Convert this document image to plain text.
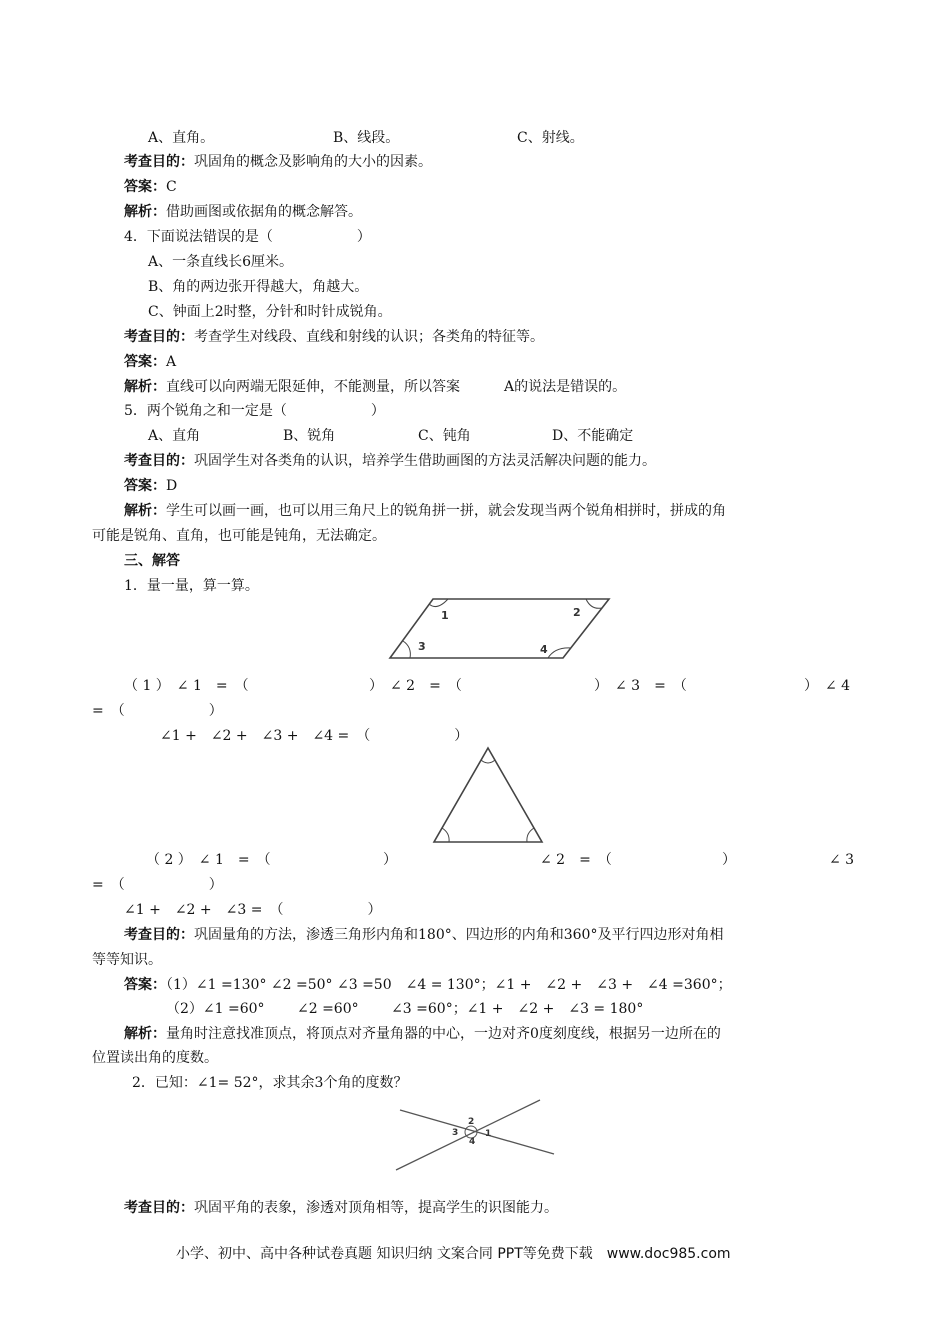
A、直角。	B、线段。	C、射线。
考查目的：巩固角的概念及影响角的大小的因素。
答案：C
解析：借助画图或依据角的概念解答。
4．下面说法错误的是（　　　　　　）
A、一条直线长6厘米。
B、角的两边张开得越大，角越大。
C、钟面上2时整，分针和时针成锐角。
考查目的：考查学生对线段、直线和射线的认识；各类角的特征等。
答案：A
解析：直线可以向两端无限延伸，不能测量，所以答案	A的说法是错误的。
5．两个锐角之和一定是（　　　　　　）
A、直角	B、锐角	C、钝角	D、不能确定
考查目的：巩固学生对各类角的认识，培养学生借助画图的方法灵活解决问题的能力。
答案：D
解析：学生可以画一画，也可以用三角尺上的锐角拼一拼，就会发现当两个锐角相拼时，拼成的角
可能是锐角、直角，也可能是钝角，无法确定。
三、解答
1．量一量，算一算。
1	2
3	4
（ 1 ）　∠ 1　=　（	）　∠ 2　=　（	）　∠ 3　=　（	）　∠ 4
=　（　　　　　　）
∠1 +　∠2 +　∠3 +　∠4 =　（　　　　　　）
（ 2 ）　∠ 1　=　（	）	∠ 2　=　（	）	∠ 3
=　（　　　　　　）
∠1 +　∠2 +　∠3 =　（　　　　　　）
考查目的：巩固量角的方法，渗透三角形内角和180°、四边形的内角和360°及平行四边形对角相
等等知识。
答案：（1）∠1 =130° ∠2 =50° ∠3 =50　∠4 = 130°；∠1 +　∠2 +　∠3 +　∠4 =360°；
（2）∠1 =60°　　 ∠2 =60°　　 ∠3 =60°；∠1 +　∠2 +　∠3 = 180°
解析：量角时注意找准顶点，将顶点对齐量角器的中心，一边对齐0度刻度线，根据另一边所在的
位置读出角的度数。
2．已知：∠1= 52°，求其余3个角的度数？
2
1
3
4
考查目的：巩固平角的表象，渗透对顶角相等，提高学生的识图能力。
小学、初中、高中各种试卷真题 知识归纳 文案合同 PPT等免费下载　www.doc985.com
